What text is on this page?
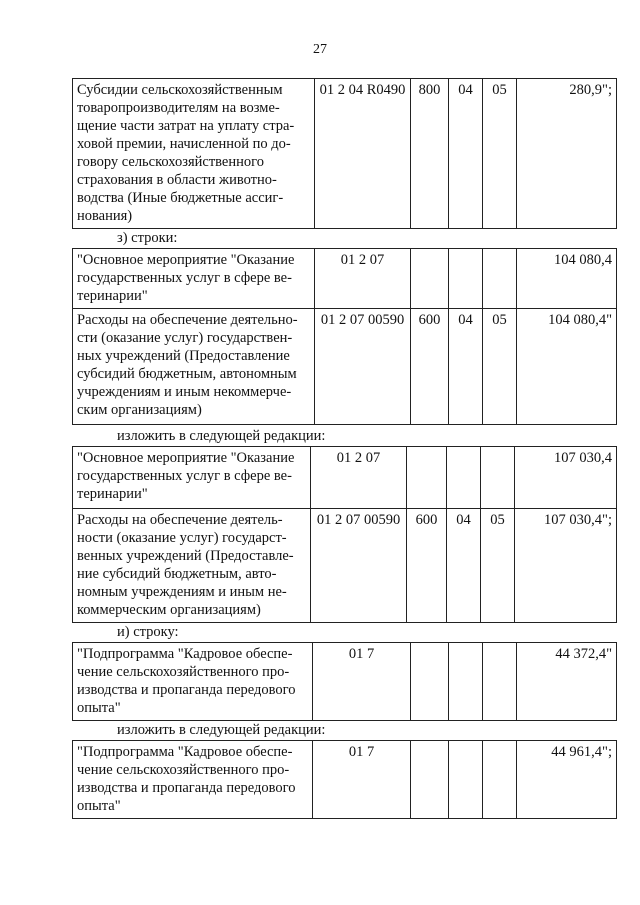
27
Субсидии сельскохозяйственным товаропроизводителям на возме-щение части затрат на уплату стра-ховой премии, начисленной по до-говору сельскохозяйственного страхования в области животно-водства (Иные бюджетные ассиг-нования)	01 2 04 R0490	800	04	05	280,9";
з) строки:
"Основное мероприятие "Оказание государственных услуг в сфере ве-теринарии"	01 2 07				104 080,4
Расходы на обеспечение деятельно-сти (оказание услуг) государствен-ных учреждений (Предоставление субсидий бюджетным, автономным учреждениям и иным некоммерче-ским организациям)	01 2 07 00590	600	04	05	104 080,4"
изложить в следующей редакции:
"Основное мероприятие "Оказание государственных услуг в сфере ве-теринарии"	01 2 07				107 030,4
Расходы на обеспечение деятель-ности (оказание услуг) государст-венных учреждений (Предоставле-ние субсидий бюджетным, авто-номным учреждениям и иным не-коммерческим организациям)	01 2 07 00590	600	04	05	107 030,4";
и) строку:
"Подпрограмма "Кадровое обеспе-чение сельскохозяйственного про-изводства и пропаганда передового опыта"	01 7				44 372,4"
изложить в следующей редакции:
"Подпрограмма "Кадровое обеспе-чение сельскохозяйственного про-изводства и пропаганда передового опыта"	01 7				44 961,4";
